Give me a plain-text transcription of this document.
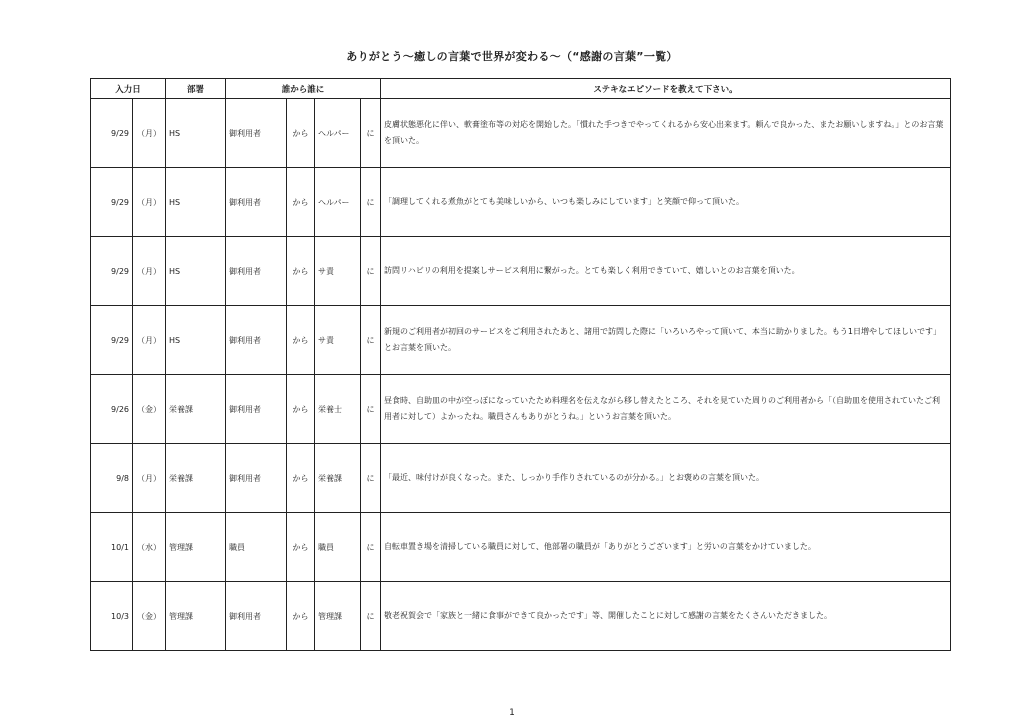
ありがとう～癒しの言葉で世界が変わる～（“感謝の言葉”一覧）
入力日		部署	誰から誰に				ステキなエピソードを教えて下さい。
9/29	（月）	HS	御利用者	から	ヘルパー	に	皮膚状態悪化に伴い、軟膏塗布等の対応を開始した。「慣れた手つきでやってくれるから安心出来ます。頼んで良かった、またお願いしますね。」とのお言葉を頂いた。
9/29	（月）	HS	御利用者	から	ヘルパー	に	「調理してくれる煮魚がとても美味しいから、いつも楽しみにしています」と笑顔で仰って頂いた。
9/29	（月）	HS	御利用者	から	サ責	に	訪問リハビリの利用を提案しサービス利用に繋がった。とても楽しく利用できていて、嬉しいとのお言葉を頂いた。
9/29	（月）	HS	御利用者	から	サ責	に	新規のご利用者が初回のサービスをご利用されたあと、諸用で訪問した際に「いろいろやって頂いて、本当に助かりました。もう1日増やしてほしいです」とお言葉を頂いた。
9/26	（金）	栄養課	御利用者	から	栄養士	に	昼食時、自助皿の中が空っぽになっていたため料理名を伝えながら移し替えたところ、それを見ていた周りのご利用者から「（自助皿を使用されていたご利用者に対して）よかったね。職員さんもありがとうね。」というお言葉を頂いた。
9/8	（月）	栄養課	御利用者	から	栄養課	に	「最近、味付けが良くなった。また、しっかり手作りされているのが分かる。」とお褒めの言葉を頂いた。
10/1	（水）	管理課	職員	から	職員	に	自転車置き場を清掃している職員に対して、他部署の職員が「ありがとうございます」と労いの言葉をかけていました。
10/3	（金）	管理課	御利用者	から	管理課	に	敬老祝賀会で「家族と一緒に食事ができて良かったです」等、開催したことに対して感謝の言葉をたくさんいただきました。
1
